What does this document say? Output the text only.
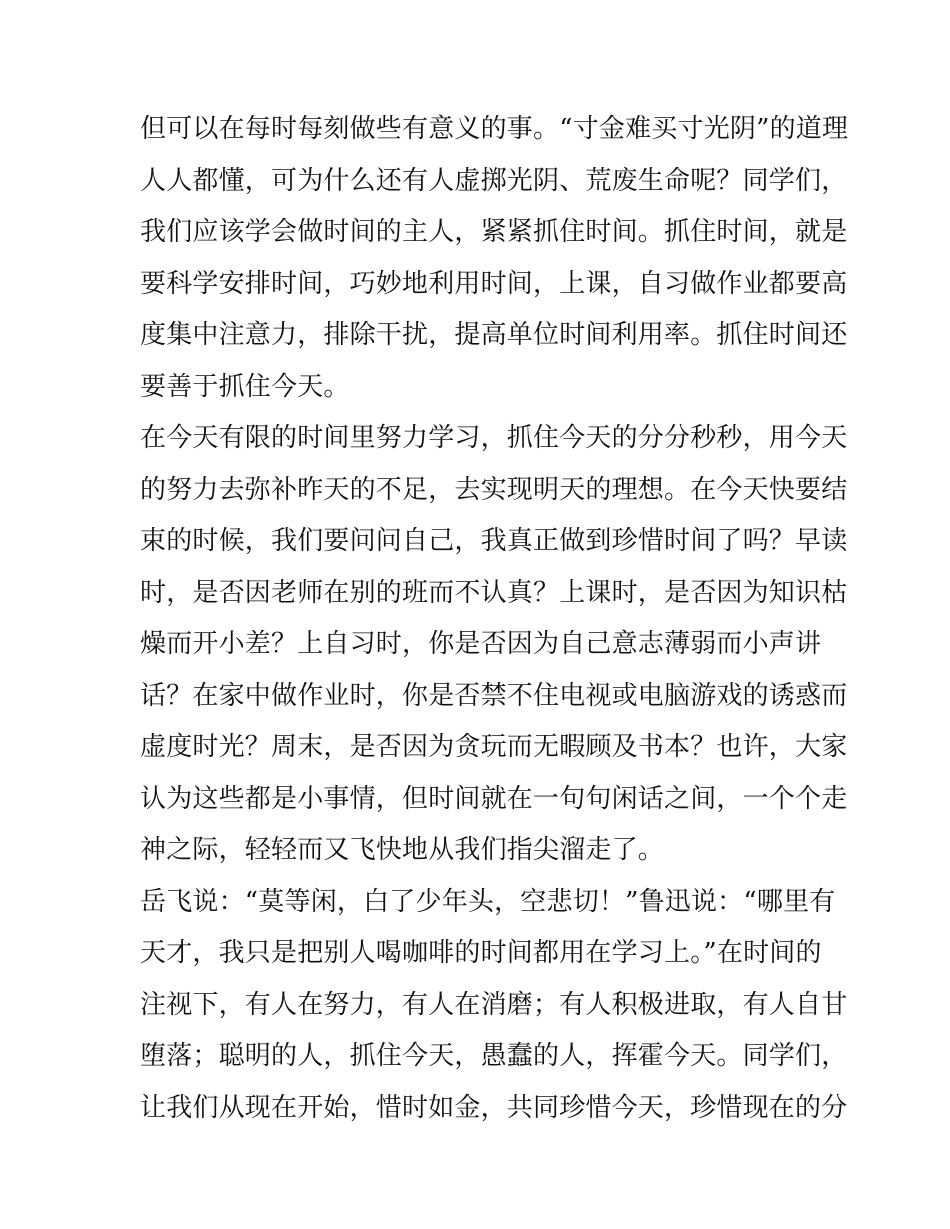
但可以在每时每刻做些有意义的事。“寸金难买寸光阴”的道理
人人都懂，可为什么还有人虚掷光阴、荒废生命呢？同学们，
我们应该学会做时间的主人，紧紧抓住时间。抓住时间，就是
要科学安排时间，巧妙地利用时间，上课，自习做作业都要高
度集中注意力，排除干扰，提高单位时间利用率。抓住时间还
要善于抓住今天。
在今天有限的时间里努力学习，抓住今天的分分秒秒，用今天
的努力去弥补昨天的不足，去实现明天的理想。在今天快要结
束的时候，我们要问问自己，我真正做到珍惜时间了吗？早读
时，是否因老师在别的班而不认真？上课时，是否因为知识枯
燥而开小差？上自习时，你是否因为自己意志薄弱而小声讲
话？在家中做作业时，你是否禁不住电视或电脑游戏的诱惑而
虚度时光？周末，是否因为贪玩而无暇顾及书本？也许，大家
认为这些都是小事情，但时间就在一句句闲话之间，一个个走
神之际，轻轻而又飞快地从我们指尖溜走了。
岳飞说：“莫等闲，白了少年头，空悲切！”鲁迅说：“哪里有
天才，我只是把别人喝咖啡的时间都用在学习上。”在时间的
注视下，有人在努力，有人在消磨；有人积极进取，有人自甘
堕落；聪明的人，抓住今天，愚蠢的人，挥霍今天。同学们，
让我们从现在开始，惜时如金，共同珍惜今天，珍惜现在的分
